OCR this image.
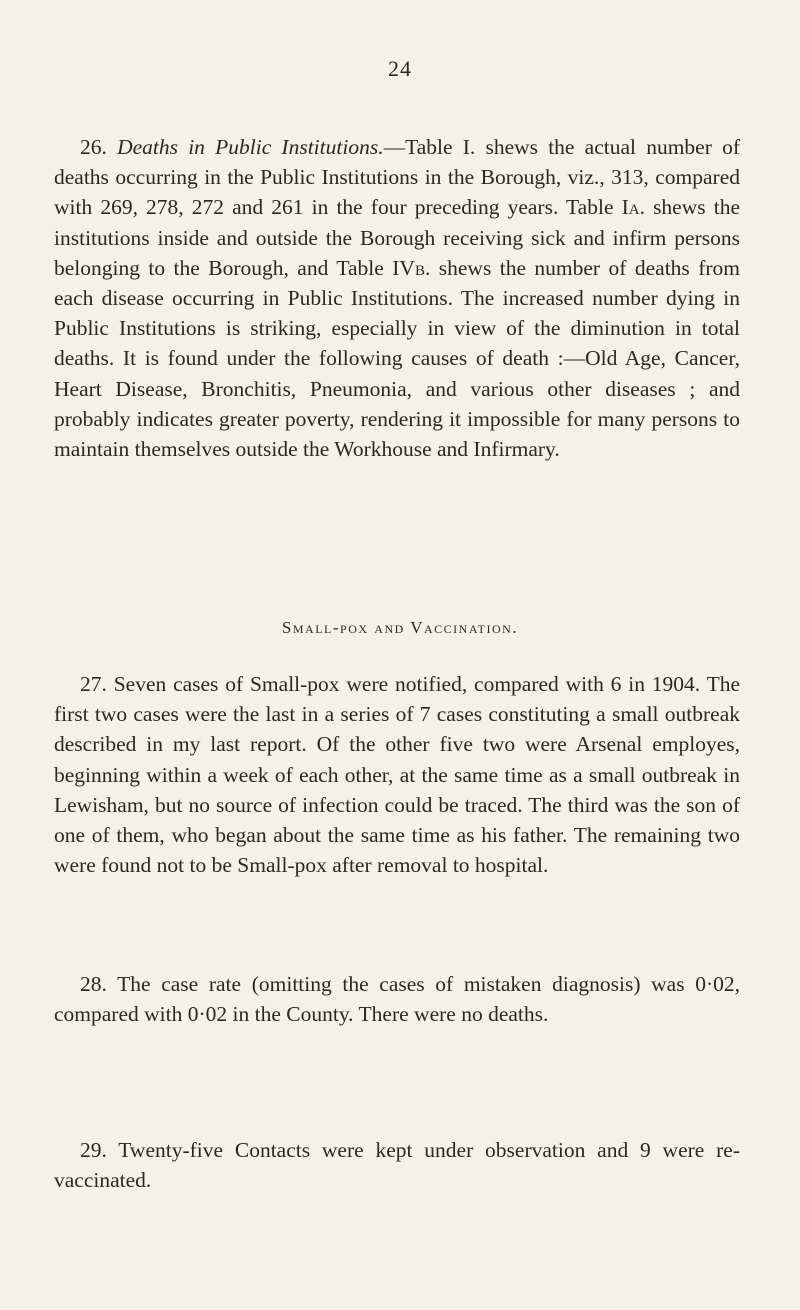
24

26. Deaths in Public Institutions.—Table I. shews the actual number of deaths occurring in the Public Institutions in the Borough, viz., 313, compared with 269, 278, 272 and 261 in the four preceding years. Table Ia. shews the institutions inside and outside the Borough receiving sick and infirm persons belonging to the Borough, and Table IVb. shews the number of deaths from each disease occurring in Public Institutions. The increased number dying in Public Institutions is striking, especially in view of the diminution in total deaths. It is found under the following causes of death :—Old Age, Cancer, Heart Disease, Bronchitis, Pneumonia, and various other diseases ; and probably indicates greater poverty, rendering it impossible for many persons to maintain themselves outside the Workhouse and Infirmary.

Small-pox and Vaccination.

27. Seven cases of Small-pox were notified, compared with 6 in 1904. The first two cases were the last in a series of 7 cases constituting a small outbreak described in my last report. Of the other five two were Arsenal employes, beginning within a week of each other, at the same time as a small outbreak in Lewisham, but no source of infection could be traced. The third was the son of one of them, who began about the same time as his father. The remaining two were found not to be Small-pox after removal to hospital.

28. The case rate (omitting the cases of mistaken diagnosis) was 0·02, compared with 0·02 in the County. There were no deaths.

29. Twenty-five Contacts were kept under observation and 9 were re-vaccinated.
